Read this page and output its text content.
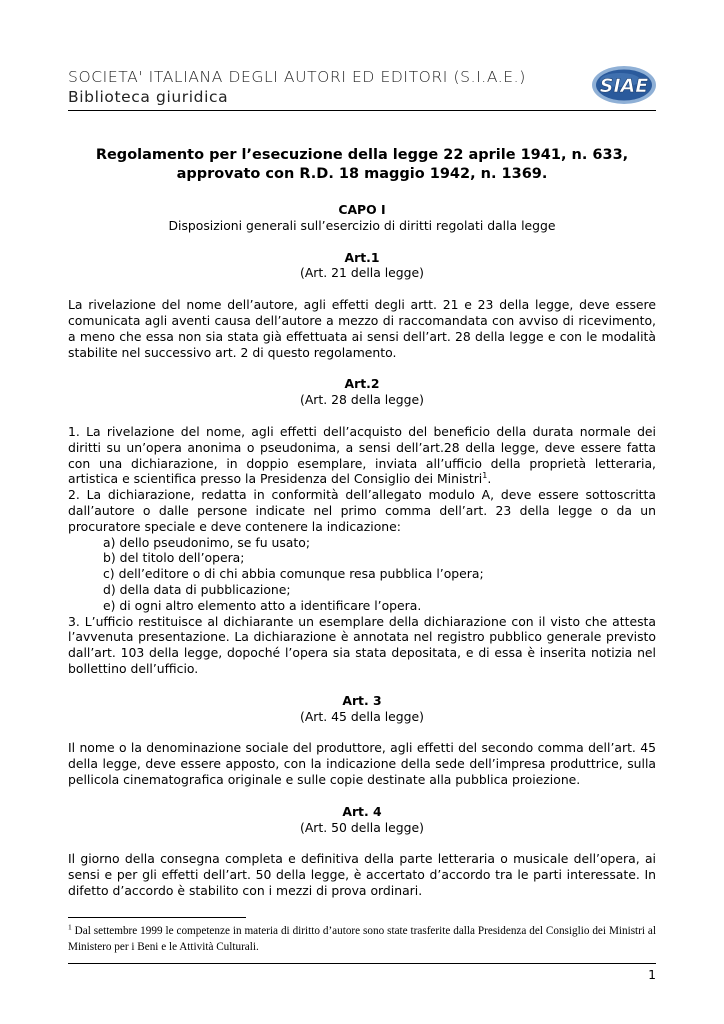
SOCIETA' ITALIANA DEGLI AUTORI ED EDITORI (S.I.A.E.)
Biblioteca giuridica	SIAE
Regolamento per l’esecuzione della legge 22 aprile 1941, n. 633,
approvato con R.D. 18 maggio 1942, n. 1369.
CAPO I
Disposizioni generali sull’esercizio di diritti regolati dalla legge
Art.1
(Art. 21 della legge)
La rivelazione del nome dell’autore, agli effetti degli artt. 21 e 23 della legge, deve essere comunicata agli aventi causa dell’autore a mezzo di raccomandata con avviso di ricevimento, a meno che essa non sia stata già effettuata ai sensi dell’art. 28 della legge e con le modalità stabilite nel successivo art. 2 di questo regolamento.
Art.2
(Art. 28 della legge)
1. La rivelazione del nome, agli effetti dell’acquisto del beneficio della durata normale dei diritti su un’opera anonima o pseudonima, a sensi dell’art.28 della legge, deve essere fatta con una dichiarazione, in doppio esemplare, inviata all’ufficio della proprietà letteraria, artistica e scientifica presso la Presidenza del Consiglio dei Ministri$^1$.
2. La dichiarazione, redatta in conformità dell’allegato modulo A, deve essere sottoscritta dall’autore o dalle persone indicate nel primo comma dell’art. 23 della legge o da un procuratore speciale e deve contenere la indicazione:
a) dello pseudonimo, se fu usato;
b) del titolo dell’opera;
c) dell’editore o di chi abbia comunque resa pubblica l’opera;
d) della data di pubblicazione;
e) di ogni altro elemento atto a identificare l’opera.
3. L’ufficio restituisce al dichiarante un esemplare della dichiarazione con il visto che attesta l’avvenuta presentazione. La dichiarazione è annotata nel registro pubblico generale previsto dall’art. 103 della legge, dopoché l’opera sia stata depositata, e di essa è inserita notizia nel bollettino dell’ufficio.
Art. 3
(Art. 45 della legge)
Il nome o la denominazione sociale del produttore, agli effetti del secondo comma dell’art. 45 della legge, deve essere apposto, con la indicazione della sede dell’impresa produttrice, sulla pellicola cinematografica originale e sulle copie destinate alla pubblica proiezione.
Art. 4
(Art. 50 della legge)
Il giorno della consegna completa e definitiva della parte letteraria o musicale dell’opera, ai sensi e per gli effetti dell’art. 50 della legge, è accertato d’accordo tra le parti interessate. In difetto d’accordo è stabilito con i mezzi di prova ordinari.
$^1$ Dal settembre 1999 le competenze in materia di diritto d’autore sono state trasferite dalla Presidenza del Consiglio dei Ministri al Ministero per i Beni e le Attività Culturali.
1
